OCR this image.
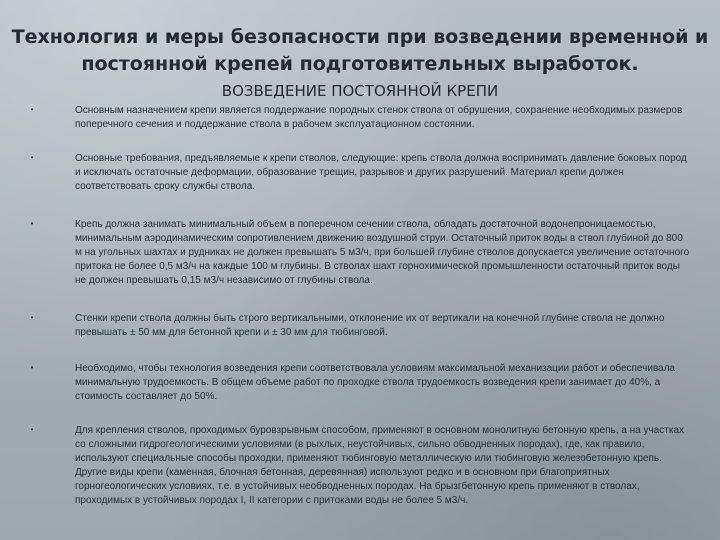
Технология и меры безопасности при возведении временной и
постоянной крепей подготовительных выработок.
ВОЗВЕДЕНИЕ ПОСТОЯННОЙ КРЕПИ
•	Основным назначением крепи является поддержание породных стенок ствола от обрушения, сохранение необходимых размеров поперечного сечения и поддержание ствола в рабочем эксплуатационном состоянии.
•	Основные требования, предъявляемые к крепи стволов, следующие: крепь ствола должна воспринимать давление боковых пород и исключать остаточные деформации, образование трещин, разрывов и других разрушений. Материал крепи должен соответствовать сроку службы ствола.
•	Крепь должна занимать минимальный объем в поперечном сечении ствола, обладать достаточной водонепроницаемостью, минимальным аэродинамическим сопротивлением движению воздушной струи. Остаточный приток воды в ствол глубиной до 800 м на угольных шахтах и рудниках не должен превышать 5 м3/ч, при большей глубине стволов допускается увеличение остаточного притока не более 0,5 м3/ч на каждые 100 м глубины. В стволах шахт горнохимической промышленности остаточный приток воды не должен превышать 0,15 м3/ч независимо от глубины ствола.
•	Стенки крепи ствола должны быть строго вертикальными, отклонение их от вертикали на конечной глубине ствола не должно превышать ± 50 мм для бетонной крепи и ± 30 мм для тюбинговой.
•	Необходимо, чтобы технология возведения крепи соответствовала условиям максимальной механизации работ и обеспечивала минимальную трудоемкость. В общем объеме работ по проходке ствола трудоемкость возведения крепи занимает до 40%, а стоимость составляет до 50%.
•	Для крепления стволов, проходимых буровзрывным способом, применяют в основном монолитную бетонную крепь, а на участках со сложными гидрогеологическими условиями (в рыхлых, неустойчивых, сильно обводненных породах), где, как правило, используют специальные способы проходки, применяют тюбинговую металлическую или тюбинговую железобетонную крепь. Другие виды крепи (каменная, блочная бетонная, деревянная) используют редко и в основном при благоприятных горногеологических условиях, т.е. в устойчивых необводненных породах. На брызгбетонную крепь применяют в стволах, проходимых в устойчивых породах I, II категории с притоками воды не более 5 м3/ч.
